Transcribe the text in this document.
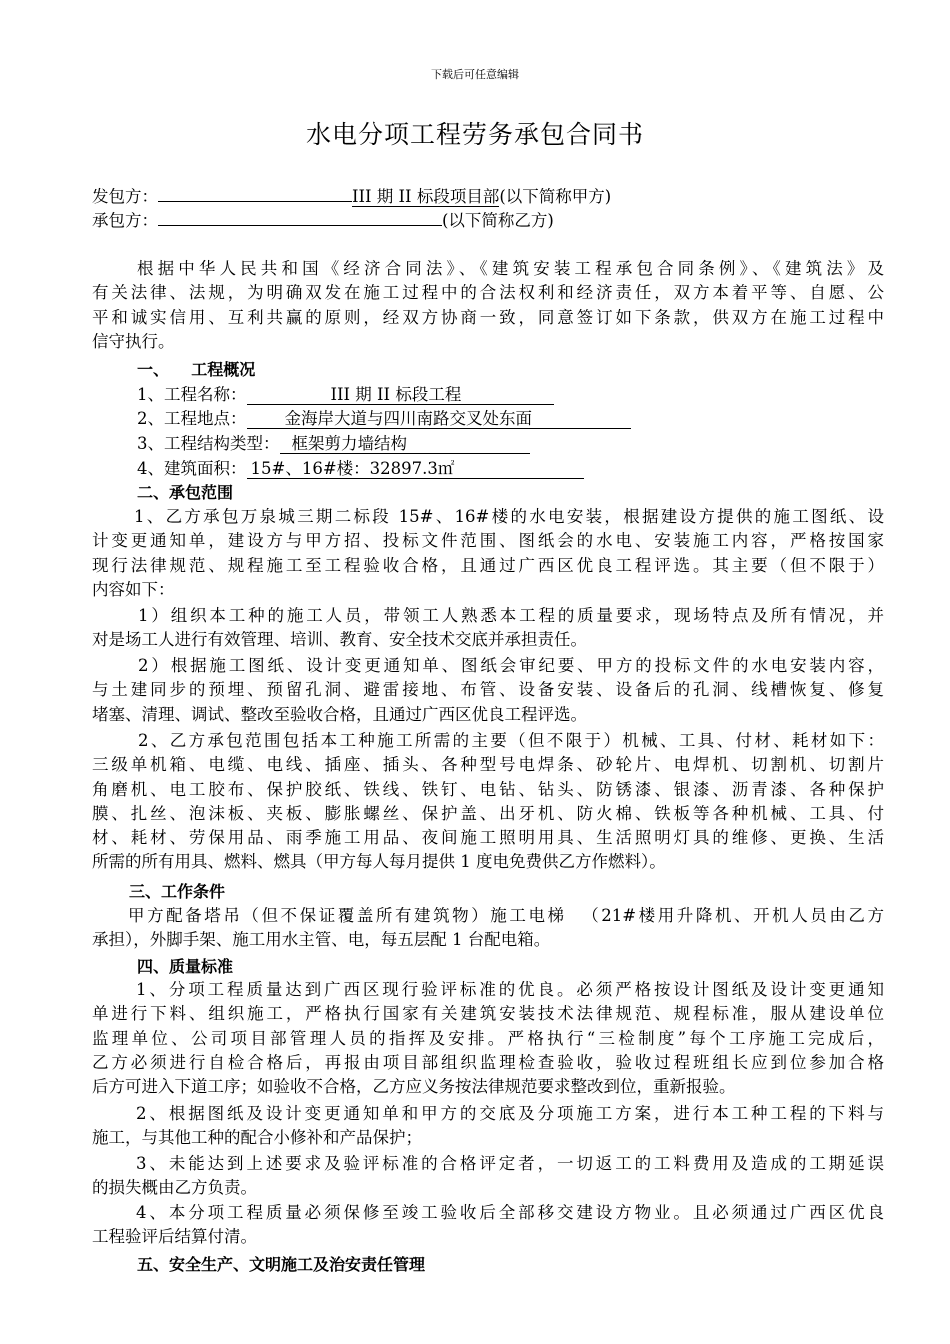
下载后可任意编辑
水电分项工程劳务承包合同书
发包方：	III 期 II 标段项目部(以下简称甲方)
承包方：	(以下简称乙方)
根据中华人民共和国《经济合同法》、《建筑安装工程承包合同条例》、《建筑法》及
有关法律、法规，为明确双发在施工过程中的合法权利和经济责任，双方本着平等、自愿、公
平和诚实信用、互利共赢的原则，经双方协商一致，同意签订如下条款，供双方在施工过程中
信守执行。
一、    工程概况
1、工程名称：	III 期 II 标段工程
2、工程地点： 金海岸大道与四川南路交叉处东面
3、工程结构类型： 框架剪力墙结构
4、建筑面积： 15#、16#楼：32897.3㎡
二、承包范围
1、乙方承包万泉城三期二标段 15#、16#楼的水电安装，根据建设方提供的施工图纸、设
计变更通知单，建设方与甲方招、投标文件范围、图纸会的水电、安装施工内容，严格按国家
现行法律规范、规程施工至工程验收合格，且通过广西区优良工程评选。其主要（但不限于）
内容如下：
1）组织本工种的施工人员，带领工人熟悉本工程的质量要求，现场特点及所有情况，并
对是场工人进行有效管理、培训、教育、安全技术交底并承担责任。
2）根据施工图纸、设计变更通知单、图纸会审纪要、甲方的投标文件的水电安装内容，
与土建同步的预埋、预留孔洞、避雷接地、布管、设备安装、设备后的孔洞、线槽恢复、修复
堵塞、清理、调试、整改至验收合格，且通过广西区优良工程评选。
2、乙方承包范围包括本工种施工所需的主要（但不限于）机械、工具、付材、耗材如下：
三级单机箱、电缆、电线、插座、插头、各种型号电焊条、砂轮片、电焊机、切割机、切割片
角磨机、电工胶布、保护胶纸、铁线、铁钉、电钻、钻头、防锈漆、银漆、沥青漆、各种保护
膜、扎丝、泡沫板、夹板、膨胀螺丝、保护盖、出牙机、防火棉、铁板等各种机械、工具、付
材、耗材、劳保用品、雨季施工用品、夜间施工照明用具、生活照明灯具的维修、更换、生活
所需的所有用具、燃料、燃具（甲方每人每月提供 1 度电免费供乙方作燃料）。
三、工作条件
甲方配备塔吊（但不保证覆盖所有建筑物）施工电梯  （21#楼用升降机、开机人员由乙方
承担），外脚手架、施工用水主管、电，每五层配 1 台配电箱。
四、质量标准
1、分项工程质量达到广西区现行验评标准的优良。必须严格按设计图纸及设计变更通知
单进行下料、组织施工，严格执行国家有关建筑安装技术法律规范、规程标准，服从建设单位
监理单位、公司项目部管理人员的指挥及安排。严格执行“三检制度”每个工序施工完成后，
乙方必须进行自检合格后，再报由项目部组织监理检查验收，验收过程班组长应到位参加合格
后方可进入下道工序；如验收不合格，乙方应义务按法律规范要求整改到位，重新报验。
2、根据图纸及设计变更通知单和甲方的交底及分项施工方案，进行本工种工程的下料与
施工，与其他工种的配合小修补和产品保护；
3、未能达到上述要求及验评标准的合格评定者，一切返工的工料费用及造成的工期延误
的损失概由乙方负责。
4、本分项工程质量必须保修至竣工验收后全部移交建设方物业。且必须通过广西区优良
工程验评后结算付清。
五、安全生产、文明施工及治安责任管理
